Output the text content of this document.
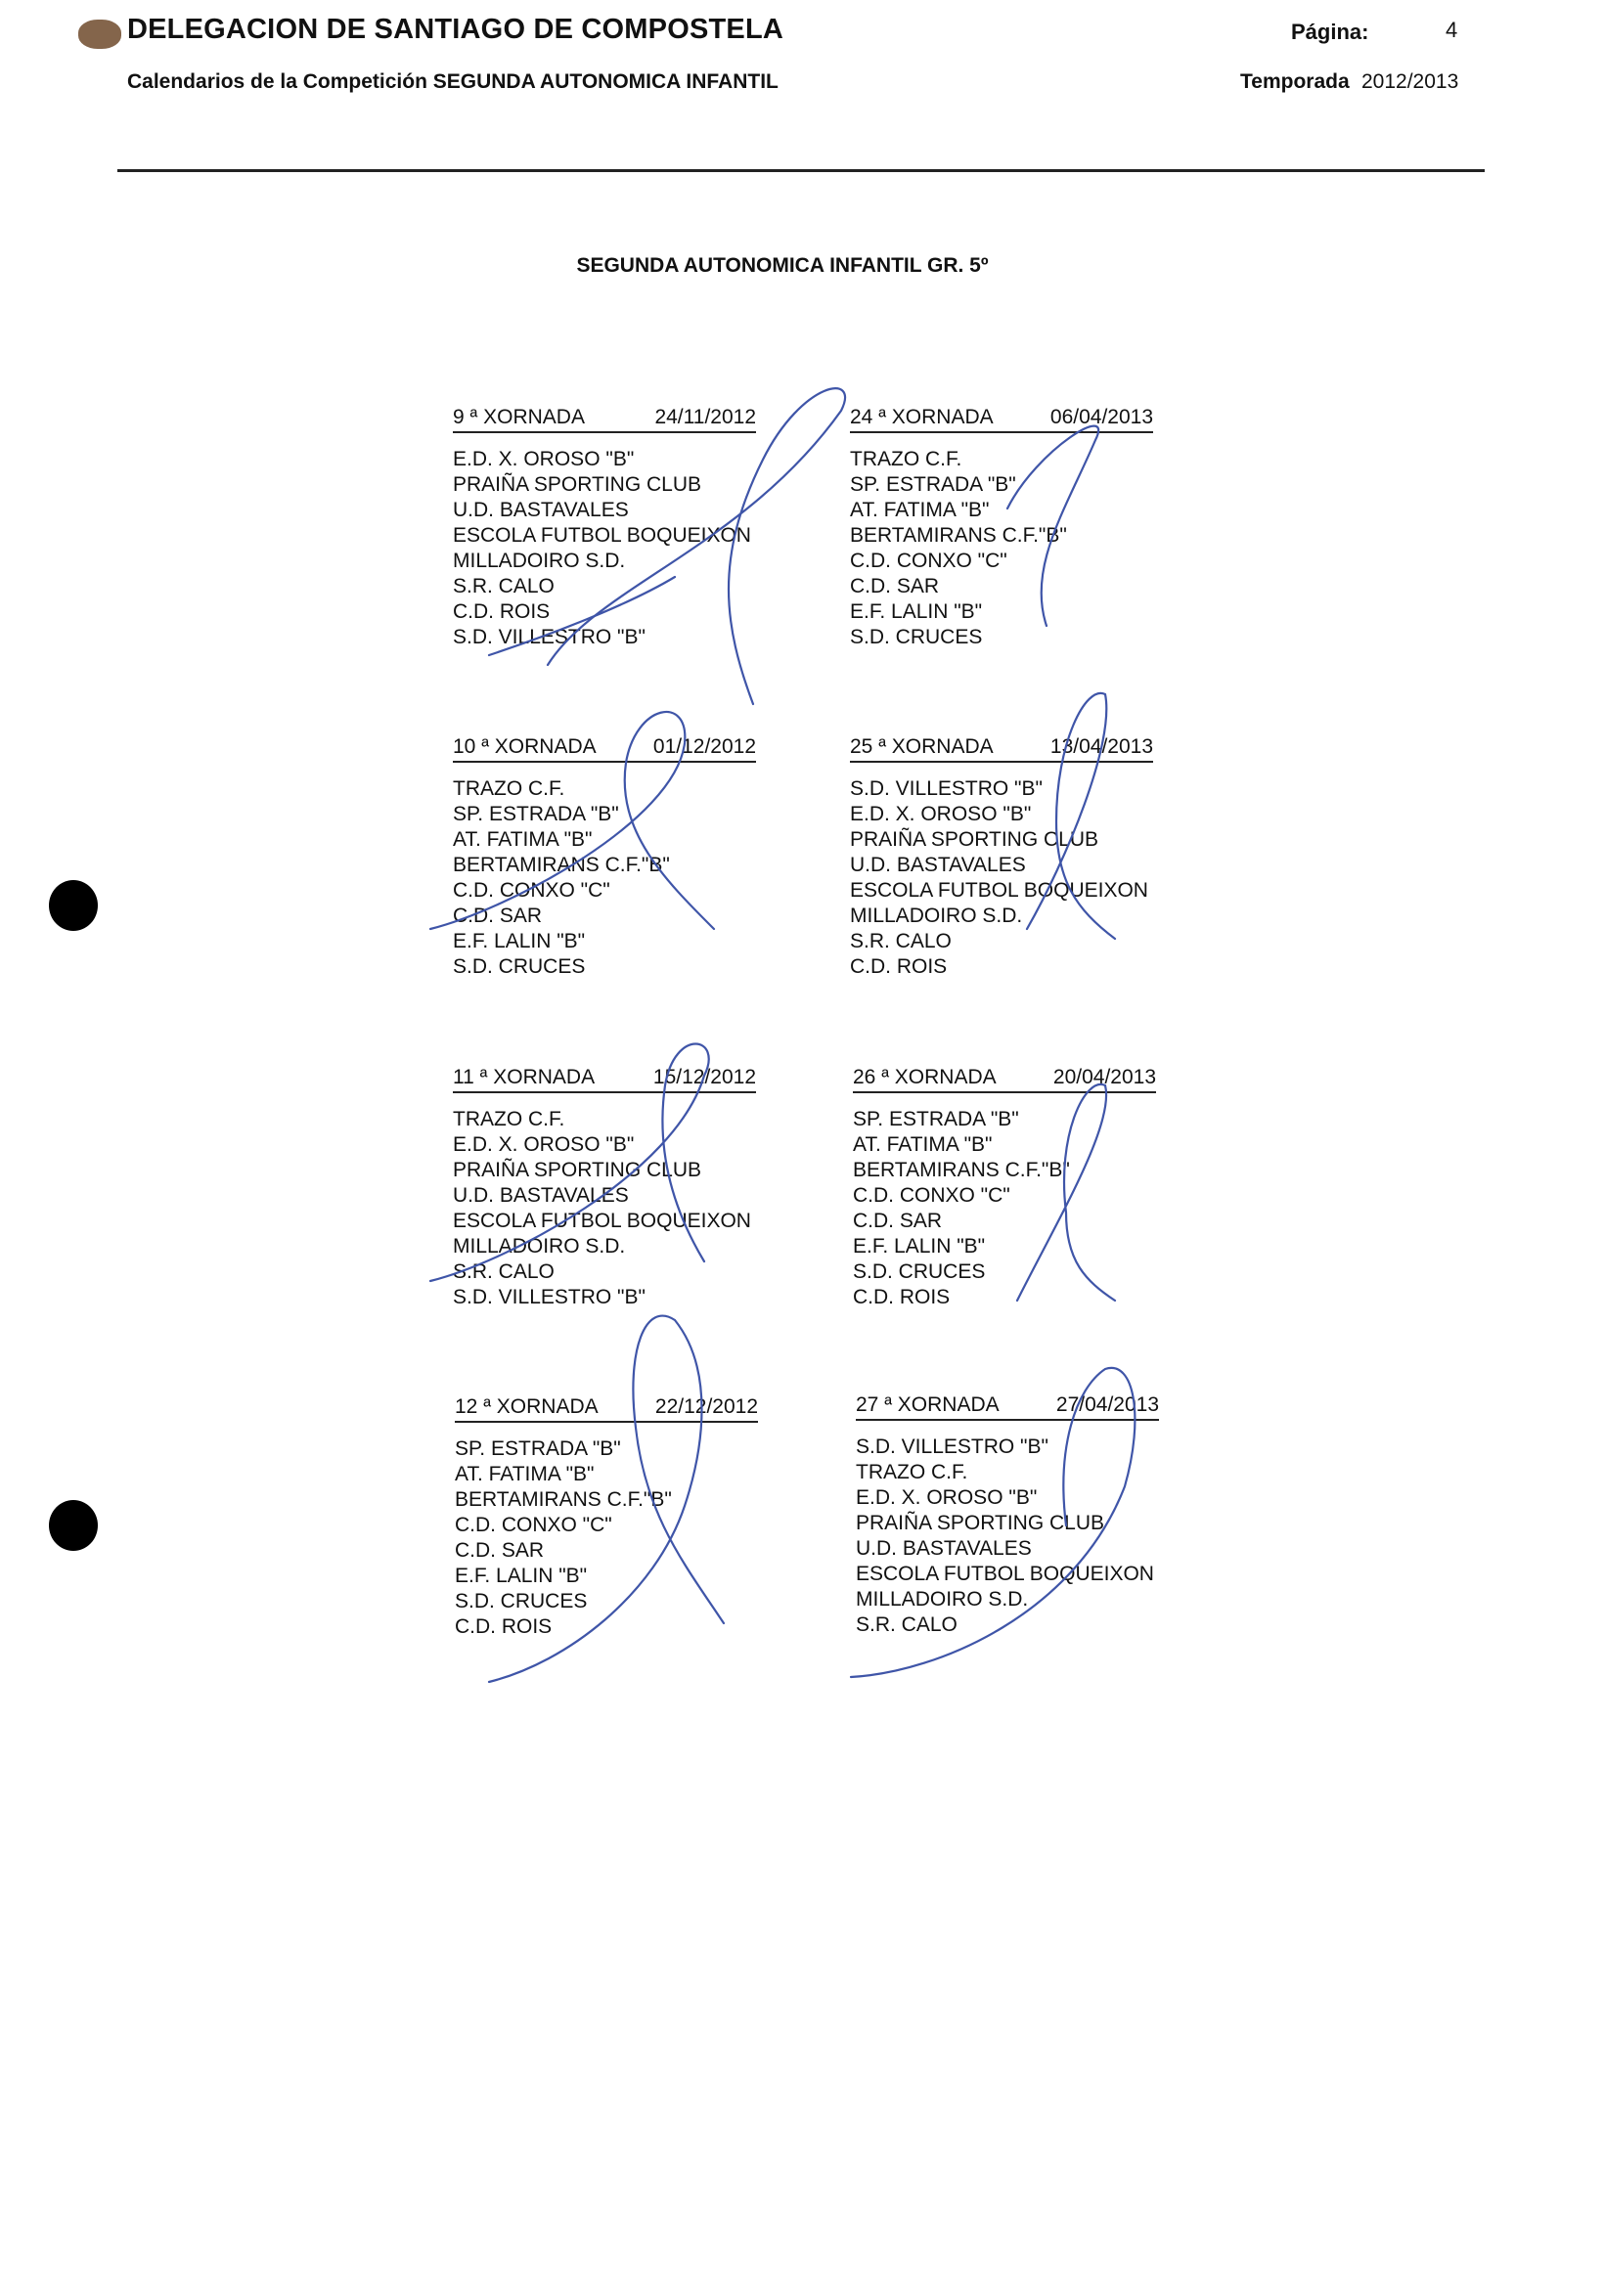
DELEGACION DE SANTIAGO DE COMPOSTELA
Calendarios de la Competición SEGUNDA AUTONOMICA INFANTIL
Página:	4
Temporada 2012/2013
SEGUNDA AUTONOMICA INFANTIL GR. 5º
9 ª XORNADA	24/11/2012
E.D. X. OROSO "B"
PRAIÑA SPORTING CLUB
U.D. BASTAVALES
ESCOLA FUTBOL BOQUEIXON
MILLADOIRO S.D.
S.R. CALO
C.D. ROIS
S.D. VILLESTRO "B"
24 ª XORNADA	06/04/2013
TRAZO C.F.
SP. ESTRADA "B"
AT. FATIMA "B"
BERTAMIRANS C.F."B"
C.D. CONXO "C"
C.D. SAR
E.F. LALIN "B"
S.D. CRUCES
10 ª XORNADA	01/12/2012
TRAZO C.F.
SP. ESTRADA "B"
AT. FATIMA "B"
BERTAMIRANS C.F."B"
C.D. CONXO "C"
C.D. SAR
E.F. LALIN "B"
S.D. CRUCES
25 ª XORNADA	13/04/2013
S.D. VILLESTRO "B"
E.D. X. OROSO "B"
PRAIÑA SPORTING CLUB
U.D. BASTAVALES
ESCOLA FUTBOL BOQUEIXON
MILLADOIRO S.D.
S.R. CALO
C.D. ROIS
11 ª XORNADA	15/12/2012
TRAZO C.F.
E.D. X. OROSO "B"
PRAIÑA SPORTING CLUB
U.D. BASTAVALES
ESCOLA FUTBOL BOQUEIXON
MILLADOIRO S.D.
S.R. CALO
S.D. VILLESTRO "B"
26 ª XORNADA	20/04/2013
SP. ESTRADA "B"
AT. FATIMA "B"
BERTAMIRANS C.F."B"
C.D. CONXO "C"
C.D. SAR
E.F. LALIN "B"
S.D. CRUCES
C.D. ROIS
12 ª XORNADA	22/12/2012
SP. ESTRADA "B"
AT. FATIMA "B"
BERTAMIRANS C.F."B"
C.D. CONXO "C"
C.D. SAR
E.F. LALIN "B"
S.D. CRUCES
C.D. ROIS
27 ª XORNADA	27/04/2013
S.D. VILLESTRO "B"
TRAZO C.F.
E.D. X. OROSO "B"
PRAIÑA SPORTING CLUB
U.D. BASTAVALES
ESCOLA FUTBOL BOQUEIXON
MILLADOIRO S.D.
S.R. CALO
